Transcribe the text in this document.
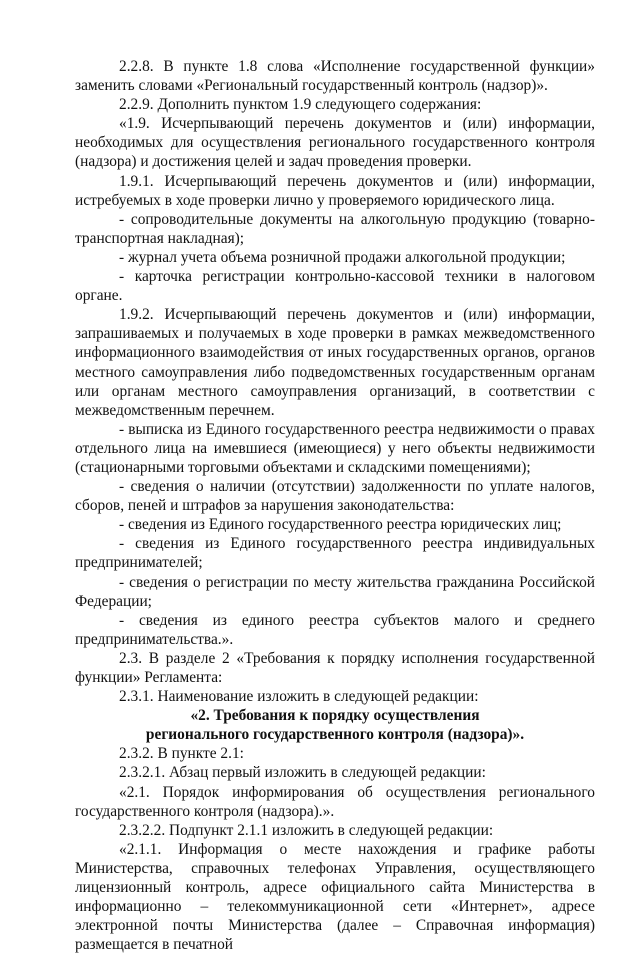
2.2.8. В пункте 1.8 слова «Исполнение государственной функции» заменить словами «Региональный государственный контроль (надзор)».

2.2.9. Дополнить пунктом 1.9 следующего содержания:

«1.9. Исчерпывающий перечень документов и (или) информации, необходимых для осуществления регионального государственного контроля (надзора) и достижения целей и задач проведения проверки.

1.9.1. Исчерпывающий перечень документов и (или) информации, истребуемых в ходе проверки лично у проверяемого юридического лица.

- сопроводительные документы на алкогольную продукцию (товарно-транспортная накладная);

- журнал учета объема розничной продажи алкогольной продукции;

- карточка регистрации контрольно-кассовой техники в налоговом органе.

1.9.2. Исчерпывающий перечень документов и (или) информации, запрашиваемых и получаемых в ходе проверки в рамках межведомственного информационного взаимодействия от иных государственных органов, органов местного самоуправления либо подведомственных государственным органам или органам местного самоуправления организаций, в соответствии с межведомственным перечнем.

- выписка из Единого государственного реестра недвижимости о правах отдельного лица на имевшиеся (имеющиеся) у него объекты недвижимости (стационарными торговыми объектами и складскими помещениями);

- сведения о наличии (отсутствии) задолженности по уплате налогов, сборов, пеней и штрафов за нарушения законодательства:

- сведения из Единого государственного реестра юридических лиц;

- сведения из Единого государственного реестра индивидуальных предпринимателей;

- сведения о регистрации по месту жительства гражданина Российской Федерации;

- сведения из единого реестра субъектов малого и среднего предпринимательства.».

2.3. В разделе 2 «Требования к порядку исполнения государственной функции» Регламента:

2.3.1. Наименование изложить в следующей редакции:

«2. Требования к порядку осуществления регионального государственного контроля (надзора)».

2.3.2. В пункте 2.1:

2.3.2.1. Абзац первый изложить в следующей редакции:

«2.1. Порядок информирования об осуществления регионального государственного контроля (надзора).».

2.3.2.2. Подпункт 2.1.1 изложить в следующей редакции:

«2.1.1. Информация о месте нахождения и графике работы Министерства, справочных телефонах Управления, осуществляющего лицензионный контроль, адресе официального сайта Министерства в информационно – телекоммуникационной сети «Интернет», адресе электронной почты Министерства (далее – Справочная информация) размещается в печатной
